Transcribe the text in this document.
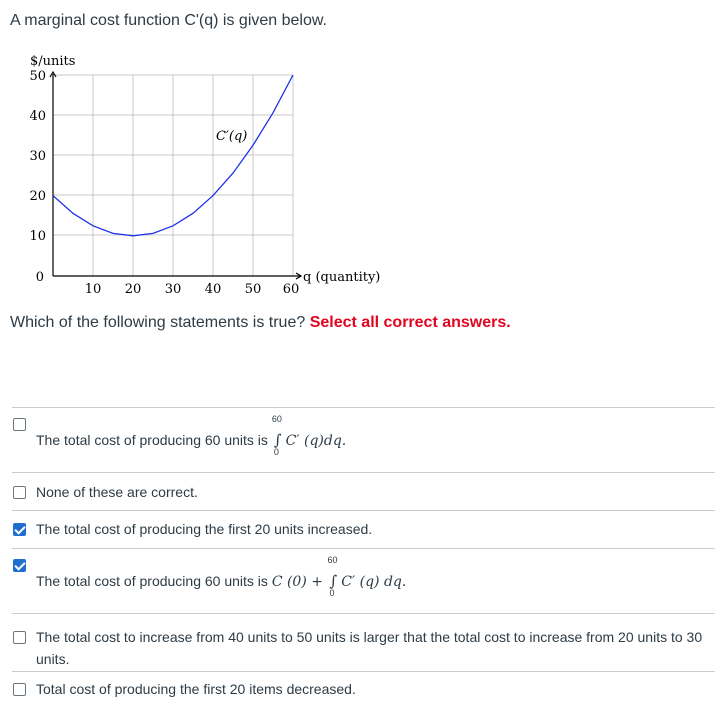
A marginal cost function C'(q) is given below.
50
40
30
20
10
0
10 20 30 40 50 60
$/units
q (quantity)
C′(q)
Which of the following statements is true? Select all correct answers.
The total cost of producing 60 units is ∫
60
0
C′ (q)dq.
None of these are correct.
The total cost of producing the first 20 units increased.
The total cost of producing 60 units is C (0) + ∫
60
0
C′ (q) dq.
The total cost to increase from 40 units to 50 units is larger that the total cost to increase from 20 units to 30 units.
Total cost of producing the first 20 items decreased.
